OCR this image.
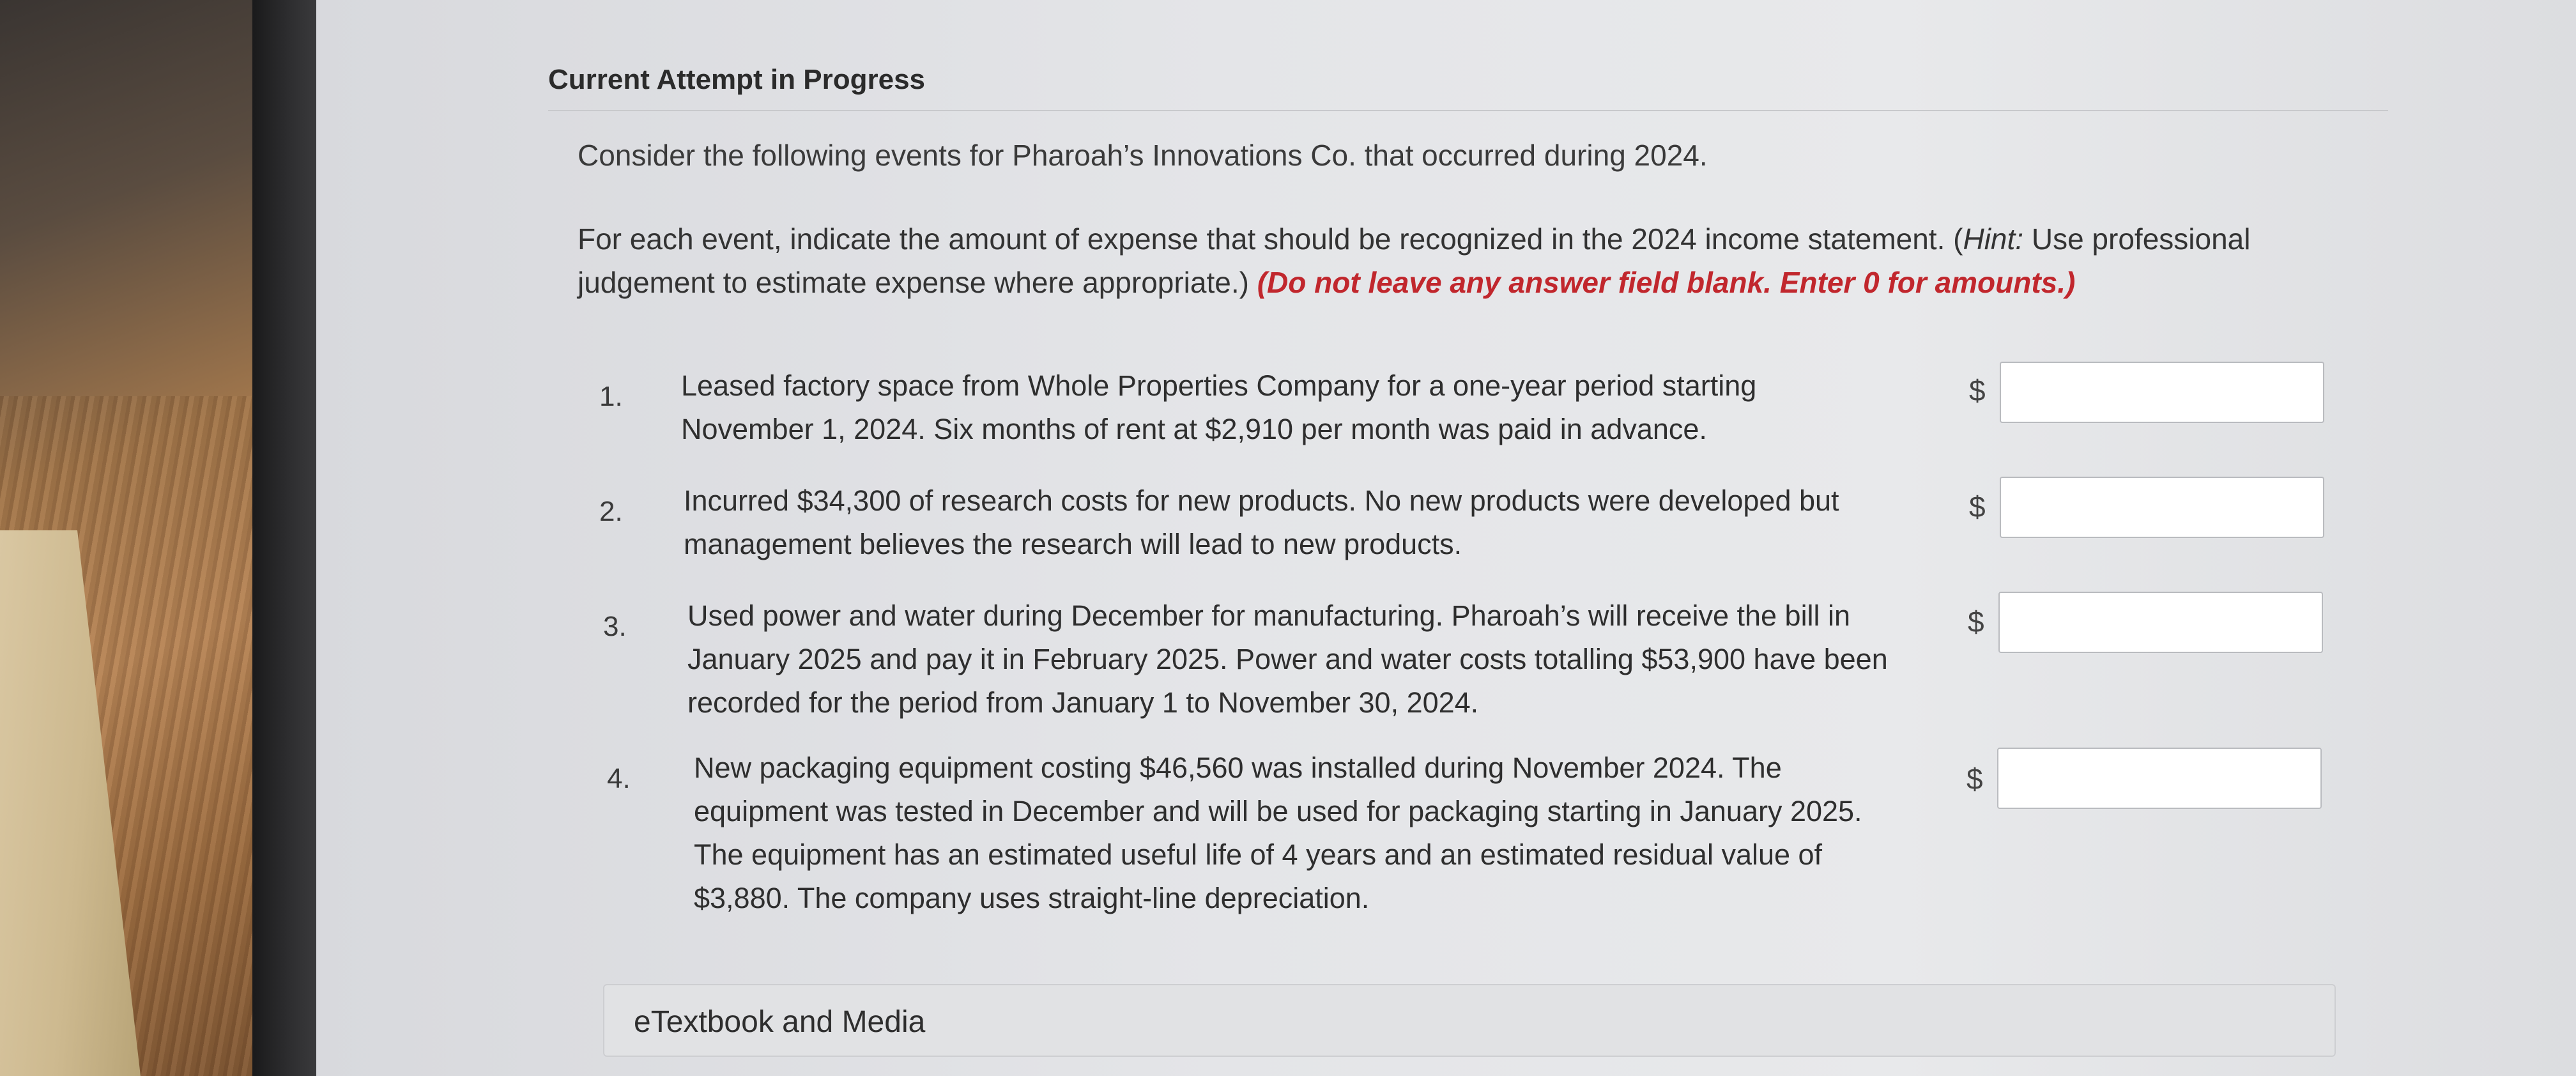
Current Attempt in Progress
Consider the following events for Pharoah’s Innovations Co. that occurred during 2024.
For each event, indicate the amount of expense that should be recognized in the 2024 income statement. (Hint: Use professional judgement to estimate expense where appropriate.) (Do not leave any answer field blank. Enter 0 for amounts.)
1. Leased factory space from Whole Properties Company for a one-year period starting November 1, 2024. Six months of rent at $2,910 per month was paid in advance.
$
2. Incurred $34,300 of research costs for new products. No new products were developed but management believes the research will lead to new products.
$
3. Used power and water during December for manufacturing. Pharoah’s will receive the bill in January 2025 and pay it in February 2025. Power and water costs totalling $53,900 have been recorded for the period from January 1 to November 30, 2024.
$
4. New packaging equipment costing $46,560 was installed during November 2024. The equipment was tested in December and will be used for packaging starting in January 2025. The equipment has an estimated useful life of 4 years and an estimated residual value of $3,880. The company uses straight-line depreciation.
$
eTextbook and Media
